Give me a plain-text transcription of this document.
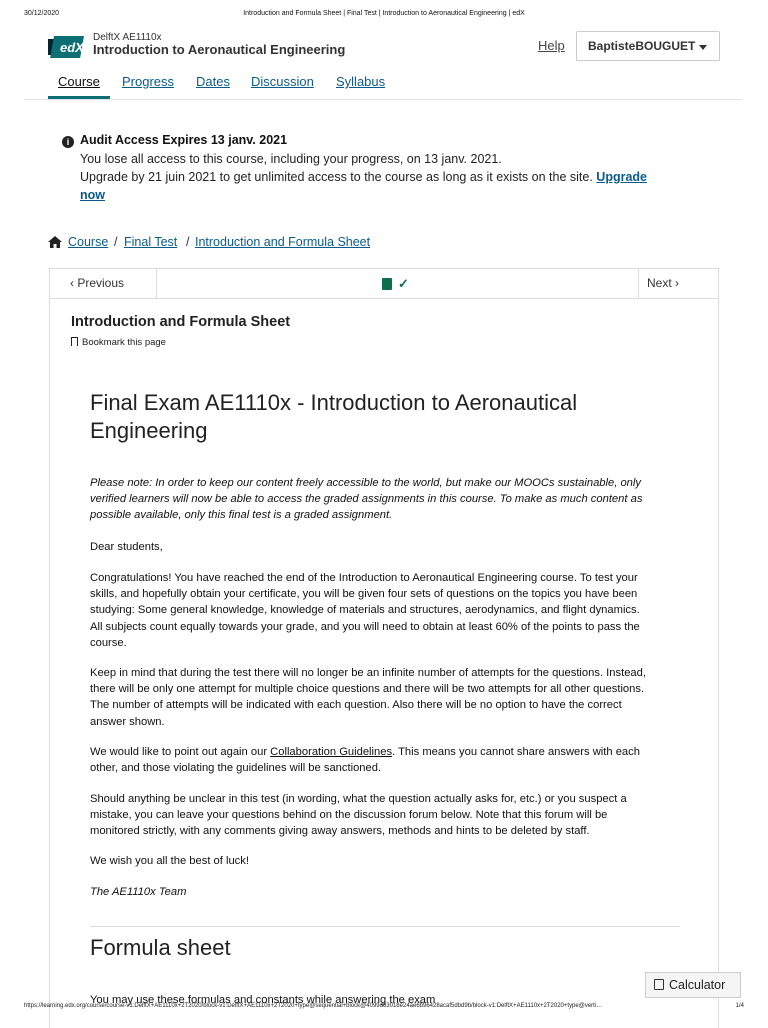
30/12/2020	Introduction and Formula Sheet | Final Test | Introduction to Aeronautical Engineering | edX
edX
DelftX AE1110x
Introduction to Aeronautical Engineering	Help	BaptisteBOUGUET
Course Progress Dates Discussion Syllabus
i Audit Access Expires 13 janv. 2021
You lose all access to this course, including your progress, on 13 janv. 2021.
Upgrade by 21 juin 2021 to get unlimited access to the course as long as it exists on the site. Upgrade
now
Course / Final Test / Introduction and Formula Sheet
‹ Previous	✓	Next ›
Introduction and Formula Sheet
Bookmark this page
Final Exam AE1110x - Introduction to Aeronautical
Engineering
Please note: In order to keep our content freely accessible to the world, but make our MOOCs sustainable, only
verified learners will now be able to access the graded assignments in this course. To make as much content as
possible available, only this final test is a graded assignment.
Dear students,
Congratulations! You have reached the end of the Introduction to Aeronautical Engineering course. To test your
skills, and hopefully obtain your certificate, you will be given four sets of questions on the topics you have been
studying: Some general knowledge, knowledge of materials and structures, aerodynamics, and flight dynamics.
All subjects count equally towards your grade, and you will need to obtain at least 60% of the points to pass the
course.
Keep in mind that during the test there will no longer be an infinite number of attempts for the questions. Instead,
there will be only one attempt for multiple choice questions and there will be two attempts for all other questions.
The number of attempts will be indicated with each question. Also there will be no option to have the correct
answer shown.
We would like to point out again our Collaboration Guidelines. This means you cannot share answers with each
other, and those violating the guidelines will be sanctioned.
Should anything be unclear in this test (in wording, what the question actually asks for, etc.) or you suspect a
mistake, you can leave your questions behind on the discussion forum below. Note that this forum will be
monitored strictly, with any comments giving away answers, methods and hints to be deleted by staff.
We wish you all the best of luck!
The AE1110x Team
Formula sheet
You may use these formulas and constants while answering the exam
Calculator
https://learning.edx.org/course/course-v1:DelftX+AE1110x+2T2020/block-v1:DelftX+AE1110x+2T2020+type@sequential+block@4099d63018e24ae6b96428acaf5dbd9b/block-v1:DelftX+AE1110x+2T2020+type@verti…	1/4
